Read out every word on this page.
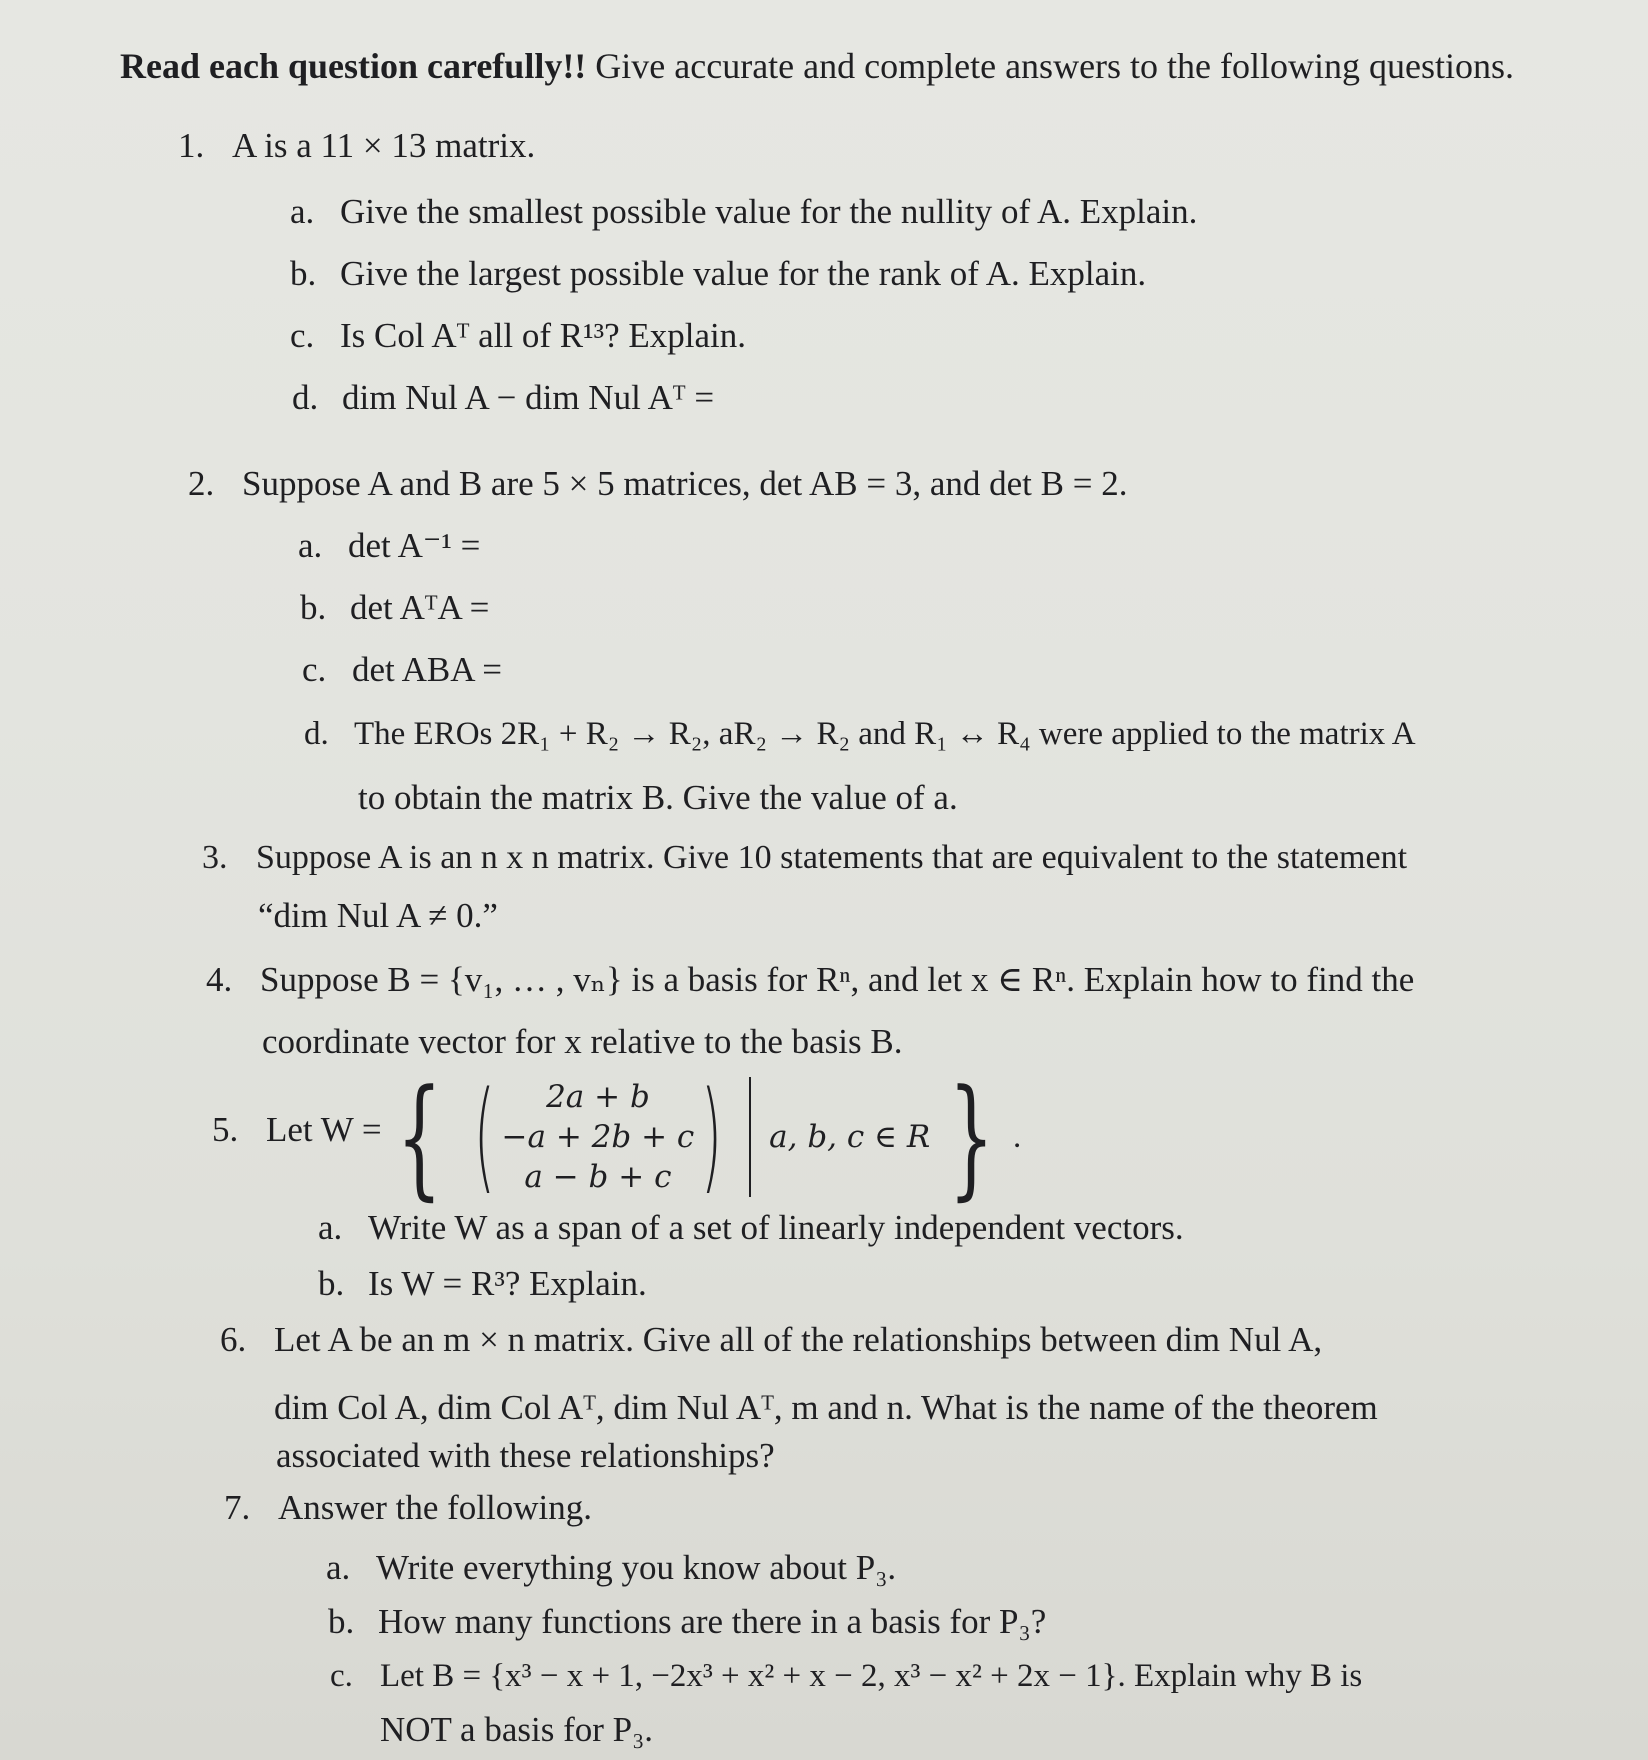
Read each question carefully!! Give accurate and complete answers to the following questions.
1. A is a 11 × 13 matrix.
a. Give the smallest possible value for the nullity of A. Explain.
b. Give the largest possible value for the rank of A. Explain.
c. Is Col Aᵀ all of R¹³? Explain.
d. dim Nul A − dim Nul Aᵀ =
2. Suppose A and B are 5 × 5 matrices, det AB = 3, and det B = 2.
a. det A⁻¹ =
b. det AᵀA =
c. det ABA =
d. The EROs 2R₁ + R₂ → R₂, aR₂ → R₂ and R₁ ↔ R₄ were applied to the matrix A
to obtain the matrix B. Give the value of a.
3. Suppose A is an n x n matrix. Give 10 statements that are equivalent to the statement
“dim Nul A ≠ 0.”
4. Suppose B = {v₁, … , vₙ} is a basis for Rⁿ, and let x ∈ Rⁿ. Explain how to find the
coordinate vector for x relative to the basis B.
5. Let W = { ( 2a + b
−a + 2b + c
a − b + c ) a, b, c ∈ R } .
a. Write W as a span of a set of linearly independent vectors.
b. Is W = R³? Explain.
6. Let A be an m × n matrix. Give all of the relationships between dim Nul A,
dim Col A, dim Col Aᵀ, dim Nul Aᵀ, m and n. What is the name of the theorem
associated with these relationships?
7. Answer the following.
a. Write everything you know about P₃.
b. How many functions are there in a basis for P₃?
c. Let B = {x³ − x + 1, −2x³ + x² + x − 2, x³ − x² + 2x − 1}. Explain why B is
NOT a basis for P₃.
